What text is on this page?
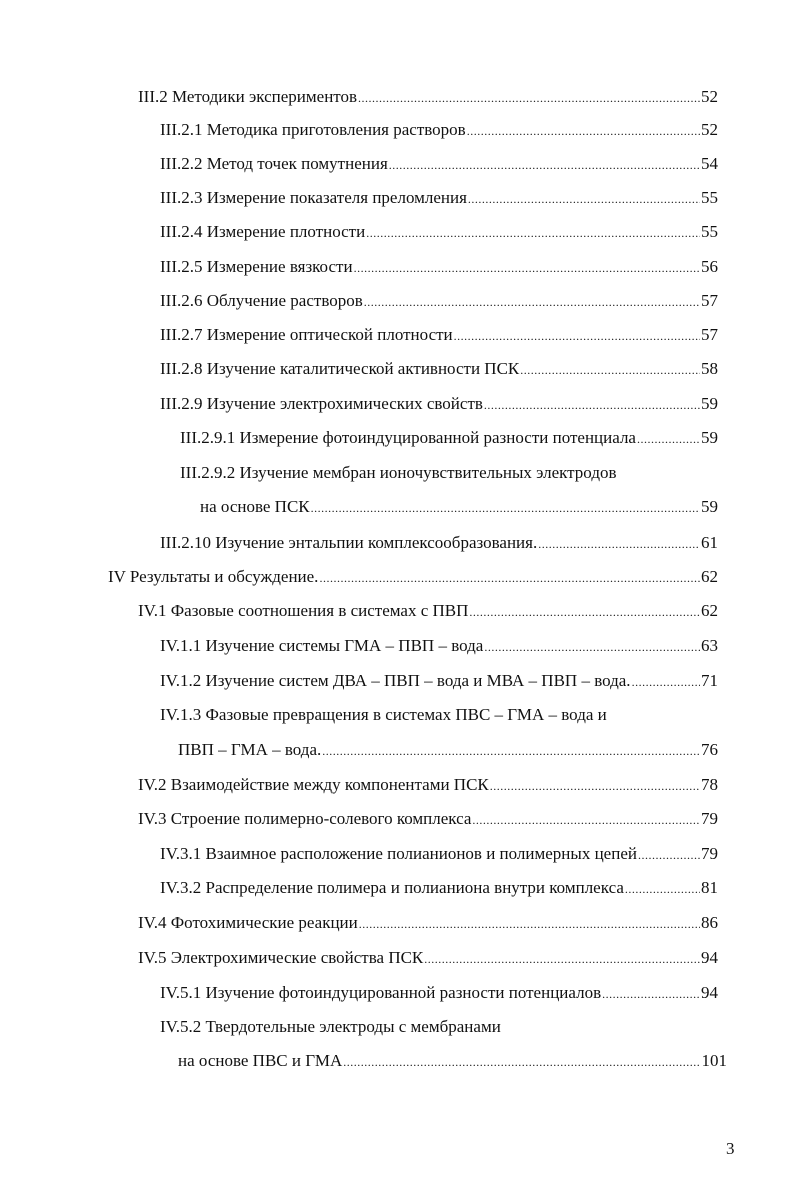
III.2 Методики экспериментов .....	52
III.2.1 Методика приготовления растворов .....	52
III.2.2 Метод точек помутнения .....	54
III.2.3 Измерение показателя преломления .....	55
III.2.4 Измерение плотности .....	55
III.2.5 Измерение вязкости .....	56
III.2.6 Облучение растворов .....	57
III.2.7 Измерение оптической плотности .....	57
III.2.8 Изучение каталитической активности ПСК .....	58
III.2.9 Изучение электрохимических свойств .....	59
III.2.9.1 Измерение фотоиндуцированной разности потенциала .....	59
III.2.9.2 Изучение мембран ионочувствительных электродов
на основе ПСК .....	59
III.2.10 Изучение энтальпии комплексообразования. .....	61
IV Результаты и обсуждение. .....	62
IV.1 Фазовые соотношения в системах с ПВП .....	62
IV.1.1 Изучение системы ГМА – ПВП – вода .....	63
IV.1.2 Изучение систем ДВА – ПВП – вода и МВА – ПВП – вода. .....	71
IV.1.3 Фазовые превращения в системах ПВС – ГМА – вода и
ПВП – ГМА – вода. .....	76
IV.2 Взаимодействие между компонентами ПСК .....	78
IV.3 Строение полимерно-солевого комплекса .....	79
IV.3.1 Взаимное расположение полианионов и полимерных цепей .....	79
IV.3.2 Распределение полимера и полианиона внутри комплекса .....	81
IV.4 Фотохимические реакции .....	86
IV.5 Электрохимические свойства ПСК .....	94
IV.5.1 Изучение фотоиндуцированной разности потенциалов .....	94
IV.5.2 Твердотельные электроды с мембранами
на основе ПВС и ГМА .....	101
3
